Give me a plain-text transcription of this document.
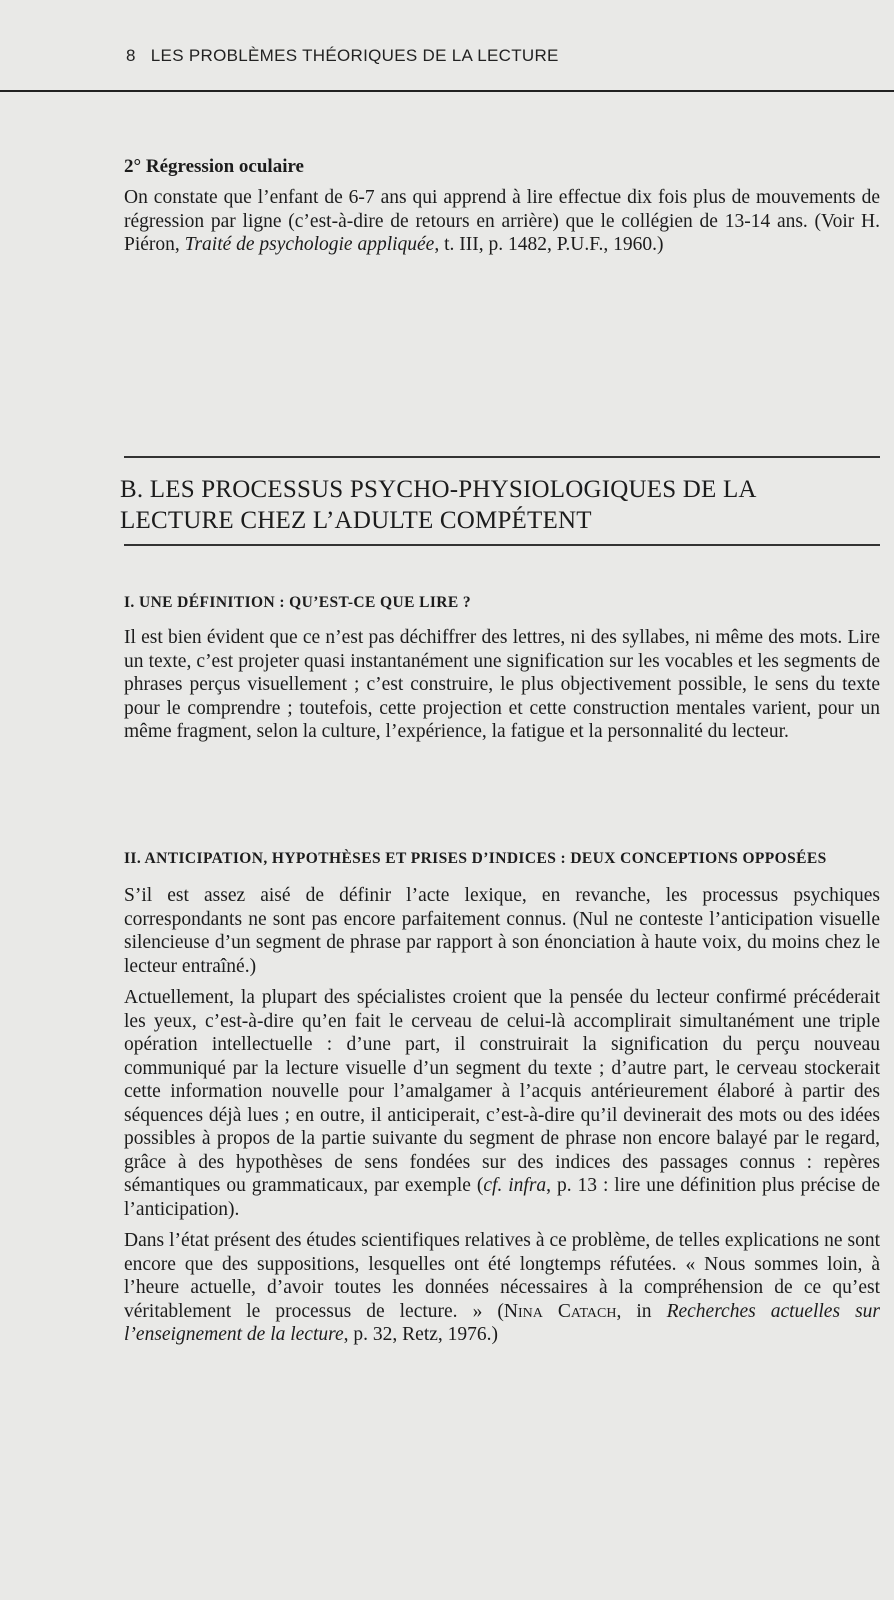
8 LES PROBLÈMES THÉORIQUES DE LA LECTURE
2° Régression oculaire

On constate que l’enfant de 6-7 ans qui apprend à lire effectue dix fois plus de mouvements de régression par ligne (c’est-à-dire de retours en arrière) que le collégien de 13-14 ans. (Voir H. Piéron, Traité de psychologie appliquée, t. III, p. 1482, P.U.F., 1960.)

B. LES PROCESSUS PSYCHO-PHYSIOLOGIQUES DE LA
LECTURE CHEZ L’ADULTE COMPÉTENT
I. UNE DÉFINITION : QU’EST-CE QUE LIRE ?

Il est bien évident que ce n’est pas déchiffrer des lettres, ni des syllabes, ni même des mots. Lire un texte, c’est projeter quasi instantanément une signification sur les vocables et les segments de phrases perçus visuellement ; c’est construire, le plus objectivement possible, le sens du texte pour le comprendre ; toutefois, cette projection et cette construction mentales varient, pour un même fragment, selon la culture, l’expérience, la fatigue et la personnalité du lecteur.

II. ANTICIPATION, HYPOTHÈSES ET PRISES D’INDICES : DEUX CONCEPTIONS OPPOSÉES

S’il est assez aisé de définir l’acte lexique, en revanche, les processus psychiques correspondants ne sont pas encore parfaitement connus. (Nul ne conteste l’anticipation visuelle silencieuse d’un segment de phrase par rapport à son énonciation à haute voix, du moins chez le lecteur entraîné.)

Actuellement, la plupart des spécialistes croient que la pensée du lecteur confirmé précéderait les yeux, c’est-à-dire qu’en fait le cerveau de celui-là accomplirait simultanément une triple opération intellectuelle : d’une part, il construirait la signification du perçu nouveau communiqué par la lecture visuelle d’un segment du texte ; d’autre part, le cerveau stockerait cette information nouvelle pour l’amalgamer à l’acquis antérieurement élaboré à partir des séquences déjà lues ; en outre, il anticiperait, c’est-à-dire qu’il devinerait des mots ou des idées possibles à propos de la partie suivante du segment de phrase non encore balayé par le regard, grâce à des hypothèses de sens fondées sur des indices des passages connus : repères sémantiques ou grammaticaux, par exemple (cf. infra, p. 13 : lire une définition plus précise de l’anticipation).

Dans l’état présent des études scientifiques relatives à ce problème, de telles explications ne sont encore que des suppositions, lesquelles ont été longtemps réfutées. « Nous sommes loin, à l’heure actuelle, d’avoir toutes les données nécessaires à la compréhension de ce qu’est véritablement le processus de lecture. » (Nina Catach, in Recherches actuelles sur l’enseignement de la lecture, p. 32, Retz, 1976.)
